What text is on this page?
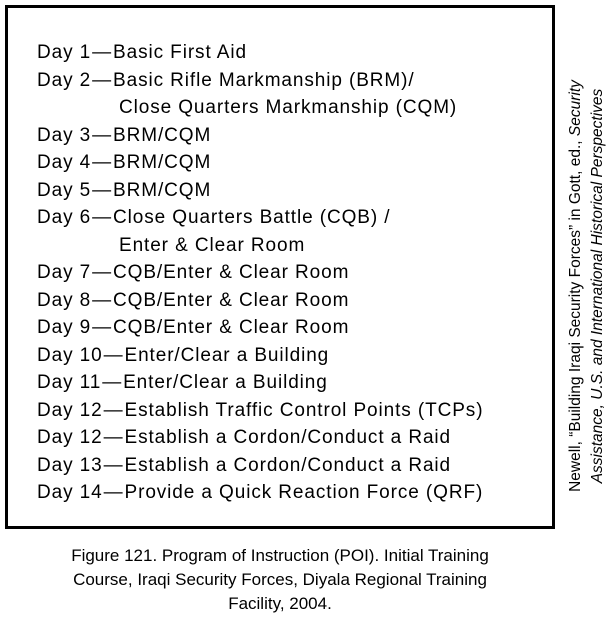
Day 1 — Basic First Aid
Day 2 — Basic Rifle Markmanship (BRM)/
Close Quarters Markmanship (CQM)
Day 3 — BRM/CQM
Day 4 — BRM/CQM
Day 5 — BRM/CQM
Day 6 — Close Quarters Battle (CQB) /
Enter & Clear Room
Day 7 — CQB/Enter & Clear Room
Day 8 — CQB/Enter & Clear Room
Day 9 — CQB/Enter & Clear Room
Day 10 — Enter/Clear a Building
Day 11 — Enter/Clear a Building
Day 12 — Establish Traffic Control Points (TCPs)
Day 12 — Establish a Cordon/Conduct a Raid
Day 13 — Establish a Cordon/Conduct a Raid
Day 14 — Provide a Quick Reaction Force (QRF)
Figure 121. Program of Instruction (POI). Initial Training
Course, Iraqi Security Forces, Diyala Regional Training
Facility, 2004.
Newell, “Building Iraqi Security Forces” in Gott, ed., Security Assistance, U.S. and International Historical Perspectives
